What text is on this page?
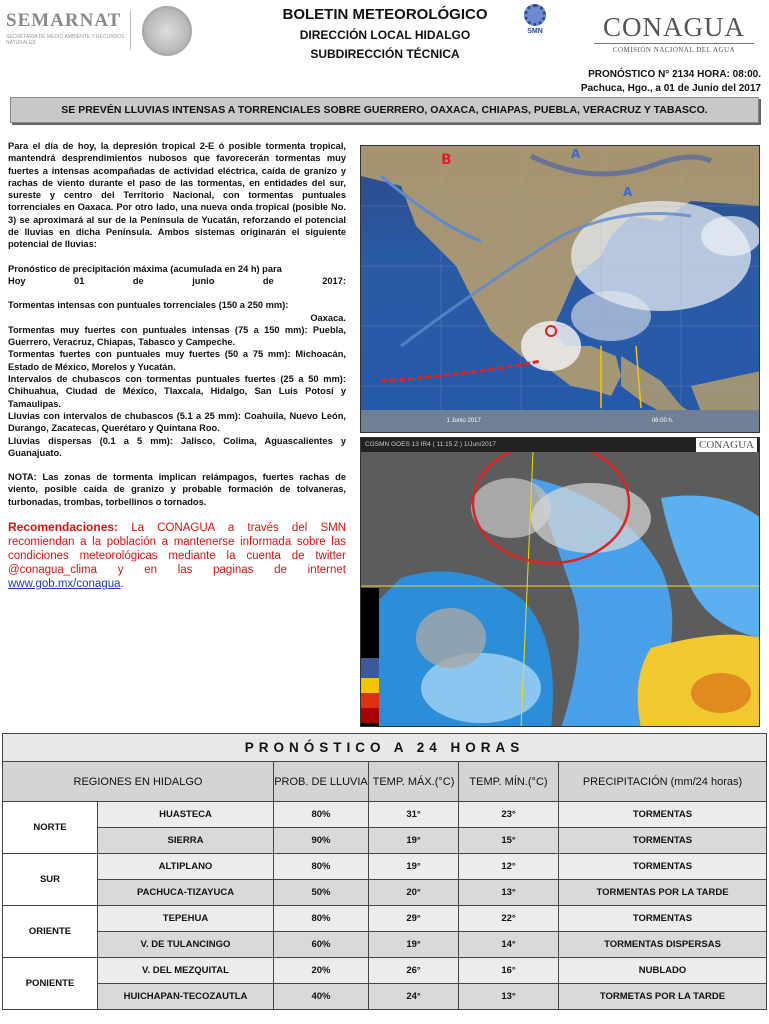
SEMARNAT
SECRETARÍA DE MEDIO AMBIENTE Y RECURSOS NATURALES
BOLETIN METEOROLÓGICO
DIRECCIÓN LOCAL HIDALGO
SUBDIRECCIÓN TÉCNICA
SMN	CONAGUA
COMISIÓN NACIONAL DEL AGUA
PRONÓSTICO N° 2134 HORA: 08:00.
Pachuca, Hgo., a 01 de Junio del 2017
SE PREVÉN LLUVIAS INTENSAS A TORRENCIALES SOBRE GUERRERO, OAXACA, CHIAPAS, PUEBLA, VERACRUZ Y TABASCO.

Para el día de hoy, la depresión tropical 2-E ó posible tormenta tropical, mantendrá desprendimientos nubosos que favorecerán tormentas muy fuertes a intensas acompañadas de actividad eléctrica, caída de granizo y rachas de viento durante el paso de las tormentas, en entidades del sur, sureste y centro del Territorio Nacional, con tormentas puntuales torrenciales en Oaxaca. Por otro lado, una nueva onda tropical (posible No. 3) se aproximará al sur de la Península de Yucatán, reforzando el potencial de lluvias en dicha Península. Ambos sistemas originarán el siguiente potencial de lluvias:

Pronóstico de precipitación máxima (acumulada en 24 h) para
Hoy	01	de	junio	de	2017:
Tormentas intensas con puntuales torrenciales (150 a 250 mm):
Oaxaca.
Tormentas muy fuertes con puntuales intensas (75 a 150 mm): Puebla, Guerrero, Veracruz, Chiapas, Tabasco y Campeche.
Tormentas fuertes con puntuales muy fuertes (50 a 75 mm): Michoacán, Estado de México, Morelos y Yucatán.
Intervalos de chubascos con tormentas puntuales fuertes (25 a 50 mm): Chihuahua, Ciudad de México, Tlaxcala, Hidalgo, San Luis Potosí y Tamaulipas.
Lluvias con intervalos de chubascos (5.1 a 25 mm): Coahuila, Nuevo León, Durango, Zacatecas, Querétaro y Quintana Roo.

Lluvias dispersas (0.1 a 5 mm): Jalisco, Colima, Aguascalientes y Guanajuato.

NOTA: Las zonas de tormenta implican relámpagos, fuertes rachas de viento, posible caída de granizo y probable formación de tolvaneras, turbonadas, trombas, torbellinos o tornados.

Recomendaciones: La CONAGUA a través del SMN recomiendan a la población a mantenerse informada sobre las condiciones meteorológicas mediante la cuenta de twitter @conagua_clima y en las paginas de internet www.gob.mx/conagua.
B	A
A
1 Junio 2017	06:00 h.
CGSMN GOES 13 IR4 ( 11:15 Z ) 1/Jun/2017	CONAGUA
PRONÓSTICO A 24 HORAS					
REGIONES EN HIDALGO		PROB. DE LLUVIA	TEMP. MÁX.(°C)	TEMP. MÍN.(°C)	PRECIPITACIÓN (mm/24 horas)
NORTE	HUASTECA	80%	31°	23°	TORMENTAS
	SIERRA	90%	19°	15°	TORMENTAS
SUR	ALTIPLANO	80%	19°	12°	TORMENTAS
	PACHUCA-TIZAYUCA	50%	20°	13°	TORMENTAS POR LA TARDE
ORIENTE	TEPEHUA	80%	29°	22°	TORMENTAS
	V. DE TULANCINGO	60%	19°	14°	TORMENTAS DISPERSAS
PONIENTE	V. DEL MEZQUITAL	20%	26°	16°	NUBLADO
	HUICHAPAN-TECOZAUTLA	40%	24°	13°	TORMETAS POR LA TARDE
